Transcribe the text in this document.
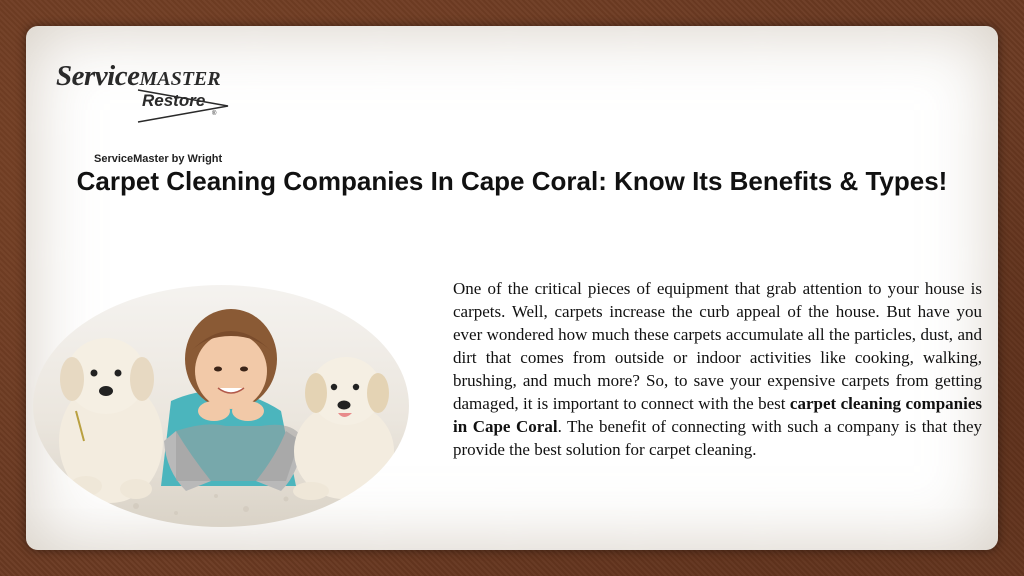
ServiceMASTER
Restore
®
ServiceMaster by Wright
Carpet Cleaning Companies In Cape Coral: Know Its Benefits & Types!

One of the critical pieces of equipment that grab attention to your house is carpets. Well, carpets increase the curb appeal of the house. But have you ever wondered how much these carpets accumulate all the particles, dust, and dirt that comes from outside or indoor activities like cooking, walking, brushing, and much more? So, to save your expensive carpets from getting damaged, it is important to connect with the best carpet cleaning companies in Cape Coral. The benefit of connecting with such a company is that they provide the best solution for carpet cleaning.
